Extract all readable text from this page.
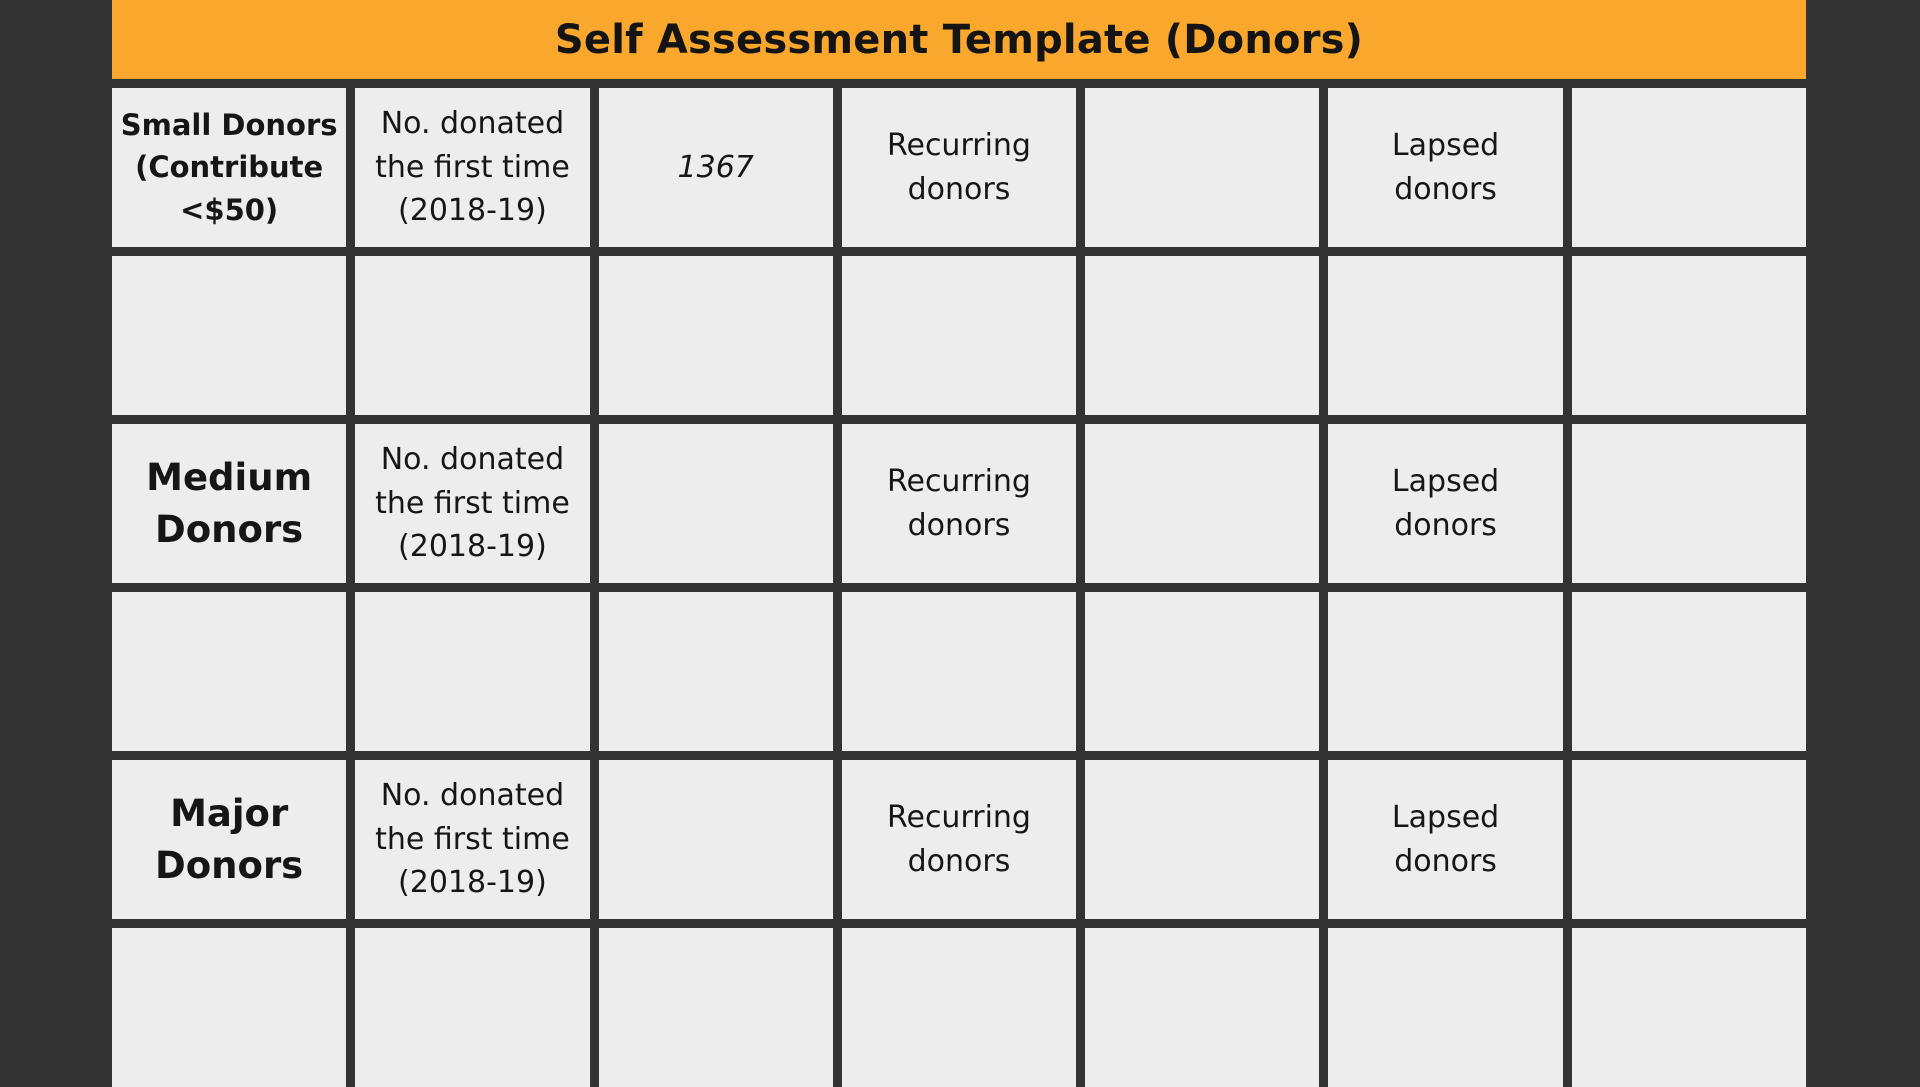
Self Assessment Template (Donors)
Small Donors
(Contribute
<$50)
No. donated
the first time
(2018-19)
1367
Recurring
donors
Lapsed
donors
Medium
Donors
No. donated
the first time
(2018-19)
Recurring
donors
Lapsed
donors
Major
Donors
No. donated
the first time
(2018-19)
Recurring
donors
Lapsed
donors
